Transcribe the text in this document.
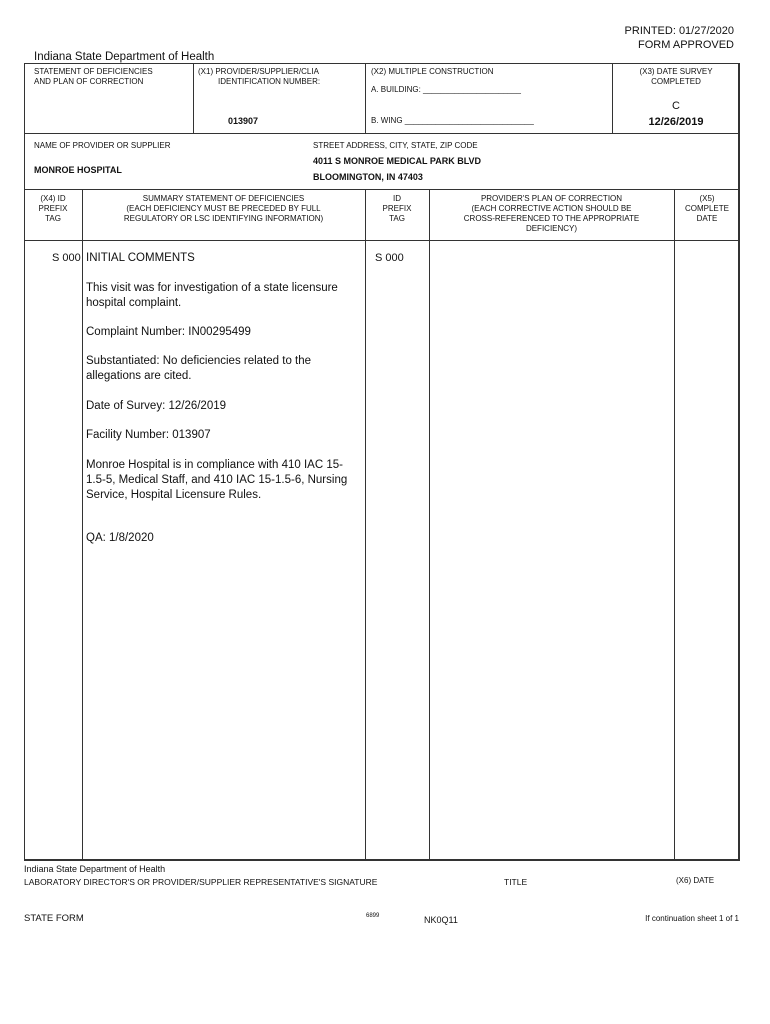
PRINTED: 01/27/2020
FORM APPROVED
Indiana State Department of Health
STATEMENT OF DEFICIENCIES
AND PLAN OF CORRECTION
(X1) PROVIDER/SUPPLIER/CLIA
IDENTIFICATION NUMBER:
013907
(X2) MULTIPLE CONSTRUCTION
A. BUILDING: ______________________
B. WING _____________________________
(X3) DATE SURVEY
COMPLETED
C
12/26/2019
NAME OF PROVIDER OR SUPPLIER
MONROE HOSPITAL
STREET ADDRESS, CITY, STATE, ZIP CODE
4011 S MONROE MEDICAL PARK BLVD
BLOOMINGTON, IN 47403
(X4) ID
PREFIX
TAG
SUMMARY STATEMENT OF DEFICIENCIES
(EACH DEFICIENCY MUST BE PRECEDED BY FULL
REGULATORY OR LSC IDENTIFYING INFORMATION)
ID
PREFIX
TAG
PROVIDER'S PLAN OF CORRECTION
(EACH CORRECTIVE ACTION SHOULD BE
CROSS-REFERENCED TO THE APPROPRIATE
DEFICIENCY)
(X5)
COMPLETE
DATE
S 000 INITIAL COMMENTS	S 000

This visit was for investigation of a state licensure hospital complaint.

Complaint Number: IN00295499

Substantiated: No deficiencies related to the allegations are cited.

Date of Survey: 12/26/2019

Facility Number: 013907

Monroe Hospital is in compliance with 410 IAC 15-1.5-5, Medical Staff, and 410 IAC 15-1.5-6, Nursing Service, Hospital Licensure Rules.

QA: 1/8/2020

Indiana State Department of Health
LABORATORY DIRECTOR'S OR PROVIDER/SUPPLIER REPRESENTATIVE'S SIGNATURE	TITLE	(X6) DATE
STATE FORM	6899	NK0Q11	If continuation sheet 1 of 1
